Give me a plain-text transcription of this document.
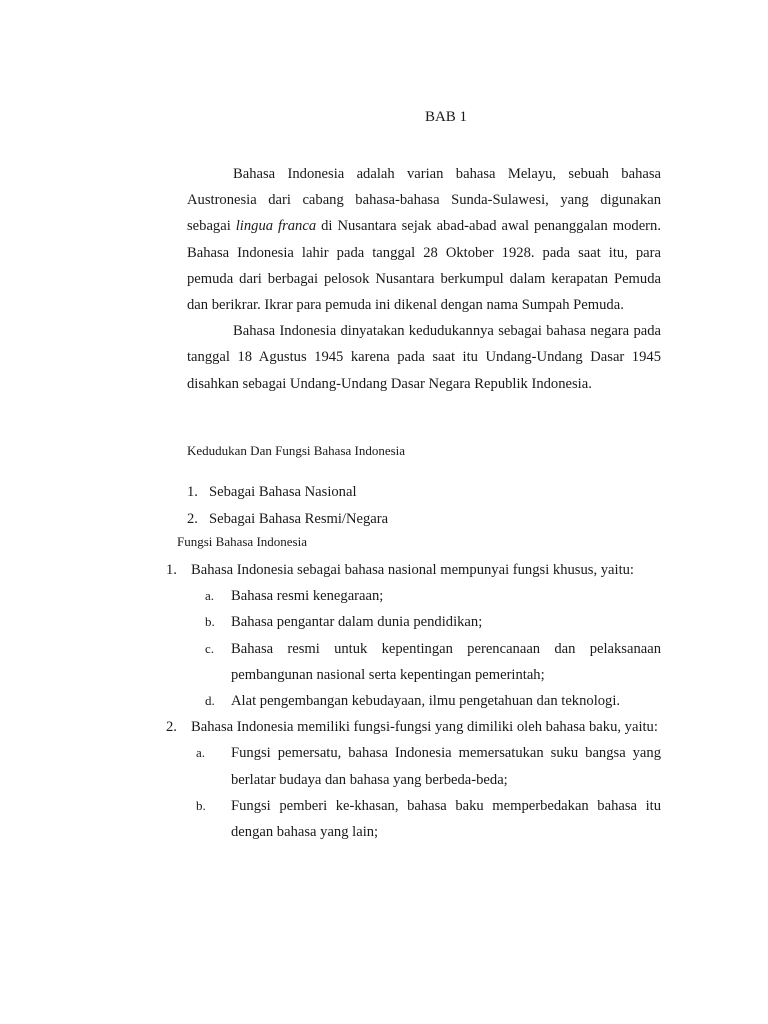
BAB 1

Bahasa Indonesia adalah varian bahasa Melayu, sebuah bahasa Austronesia dari cabang bahasa-bahasa Sunda-Sulawesi, yang digunakan sebagai lingua franca di Nusantara sejak abad-abad awal penanggalan modern. Bahasa Indonesia lahir pada tanggal 28 Oktober 1928. pada saat itu, para pemuda dari berbagai pelosok Nusantara berkumpul dalam kerapatan Pemuda dan berikrar. Ikrar para pemuda ini dikenal dengan nama Sumpah Pemuda.

Bahasa Indonesia dinyatakan kedudukannya sebagai bahasa negara pada tanggal 18 Agustus 1945 karena pada saat itu Undang-Undang Dasar 1945 disahkan sebagai Undang-Undang Dasar Negara Republik Indonesia.

Kedudukan Dan Fungsi Bahasa Indonesia
1. Sebagai Bahasa Nasional
2. Sebagai Bahasa Resmi/Negara
Fungsi Bahasa Indonesia
1. Bahasa Indonesia sebagai bahasa nasional mempunyai fungsi khusus, yaitu:
a. Bahasa resmi kenegaraan;
b. Bahasa pengantar dalam dunia pendidikan;
c. Bahasa resmi untuk kepentingan perencanaan dan pelaksanaan pembangunan nasional serta kepentingan pemerintah;
d. Alat pengembangan kebudayaan, ilmu pengetahuan dan teknologi.
2. Bahasa Indonesia memiliki fungsi-fungsi yang dimiliki oleh bahasa baku, yaitu:
a. Fungsi pemersatu, bahasa Indonesia memersatukan suku bangsa yang berlatar budaya dan bahasa yang berbeda-beda;
b. Fungsi pemberi ke-khasan, bahasa baku memperbedakan bahasa itu dengan bahasa yang lain;
